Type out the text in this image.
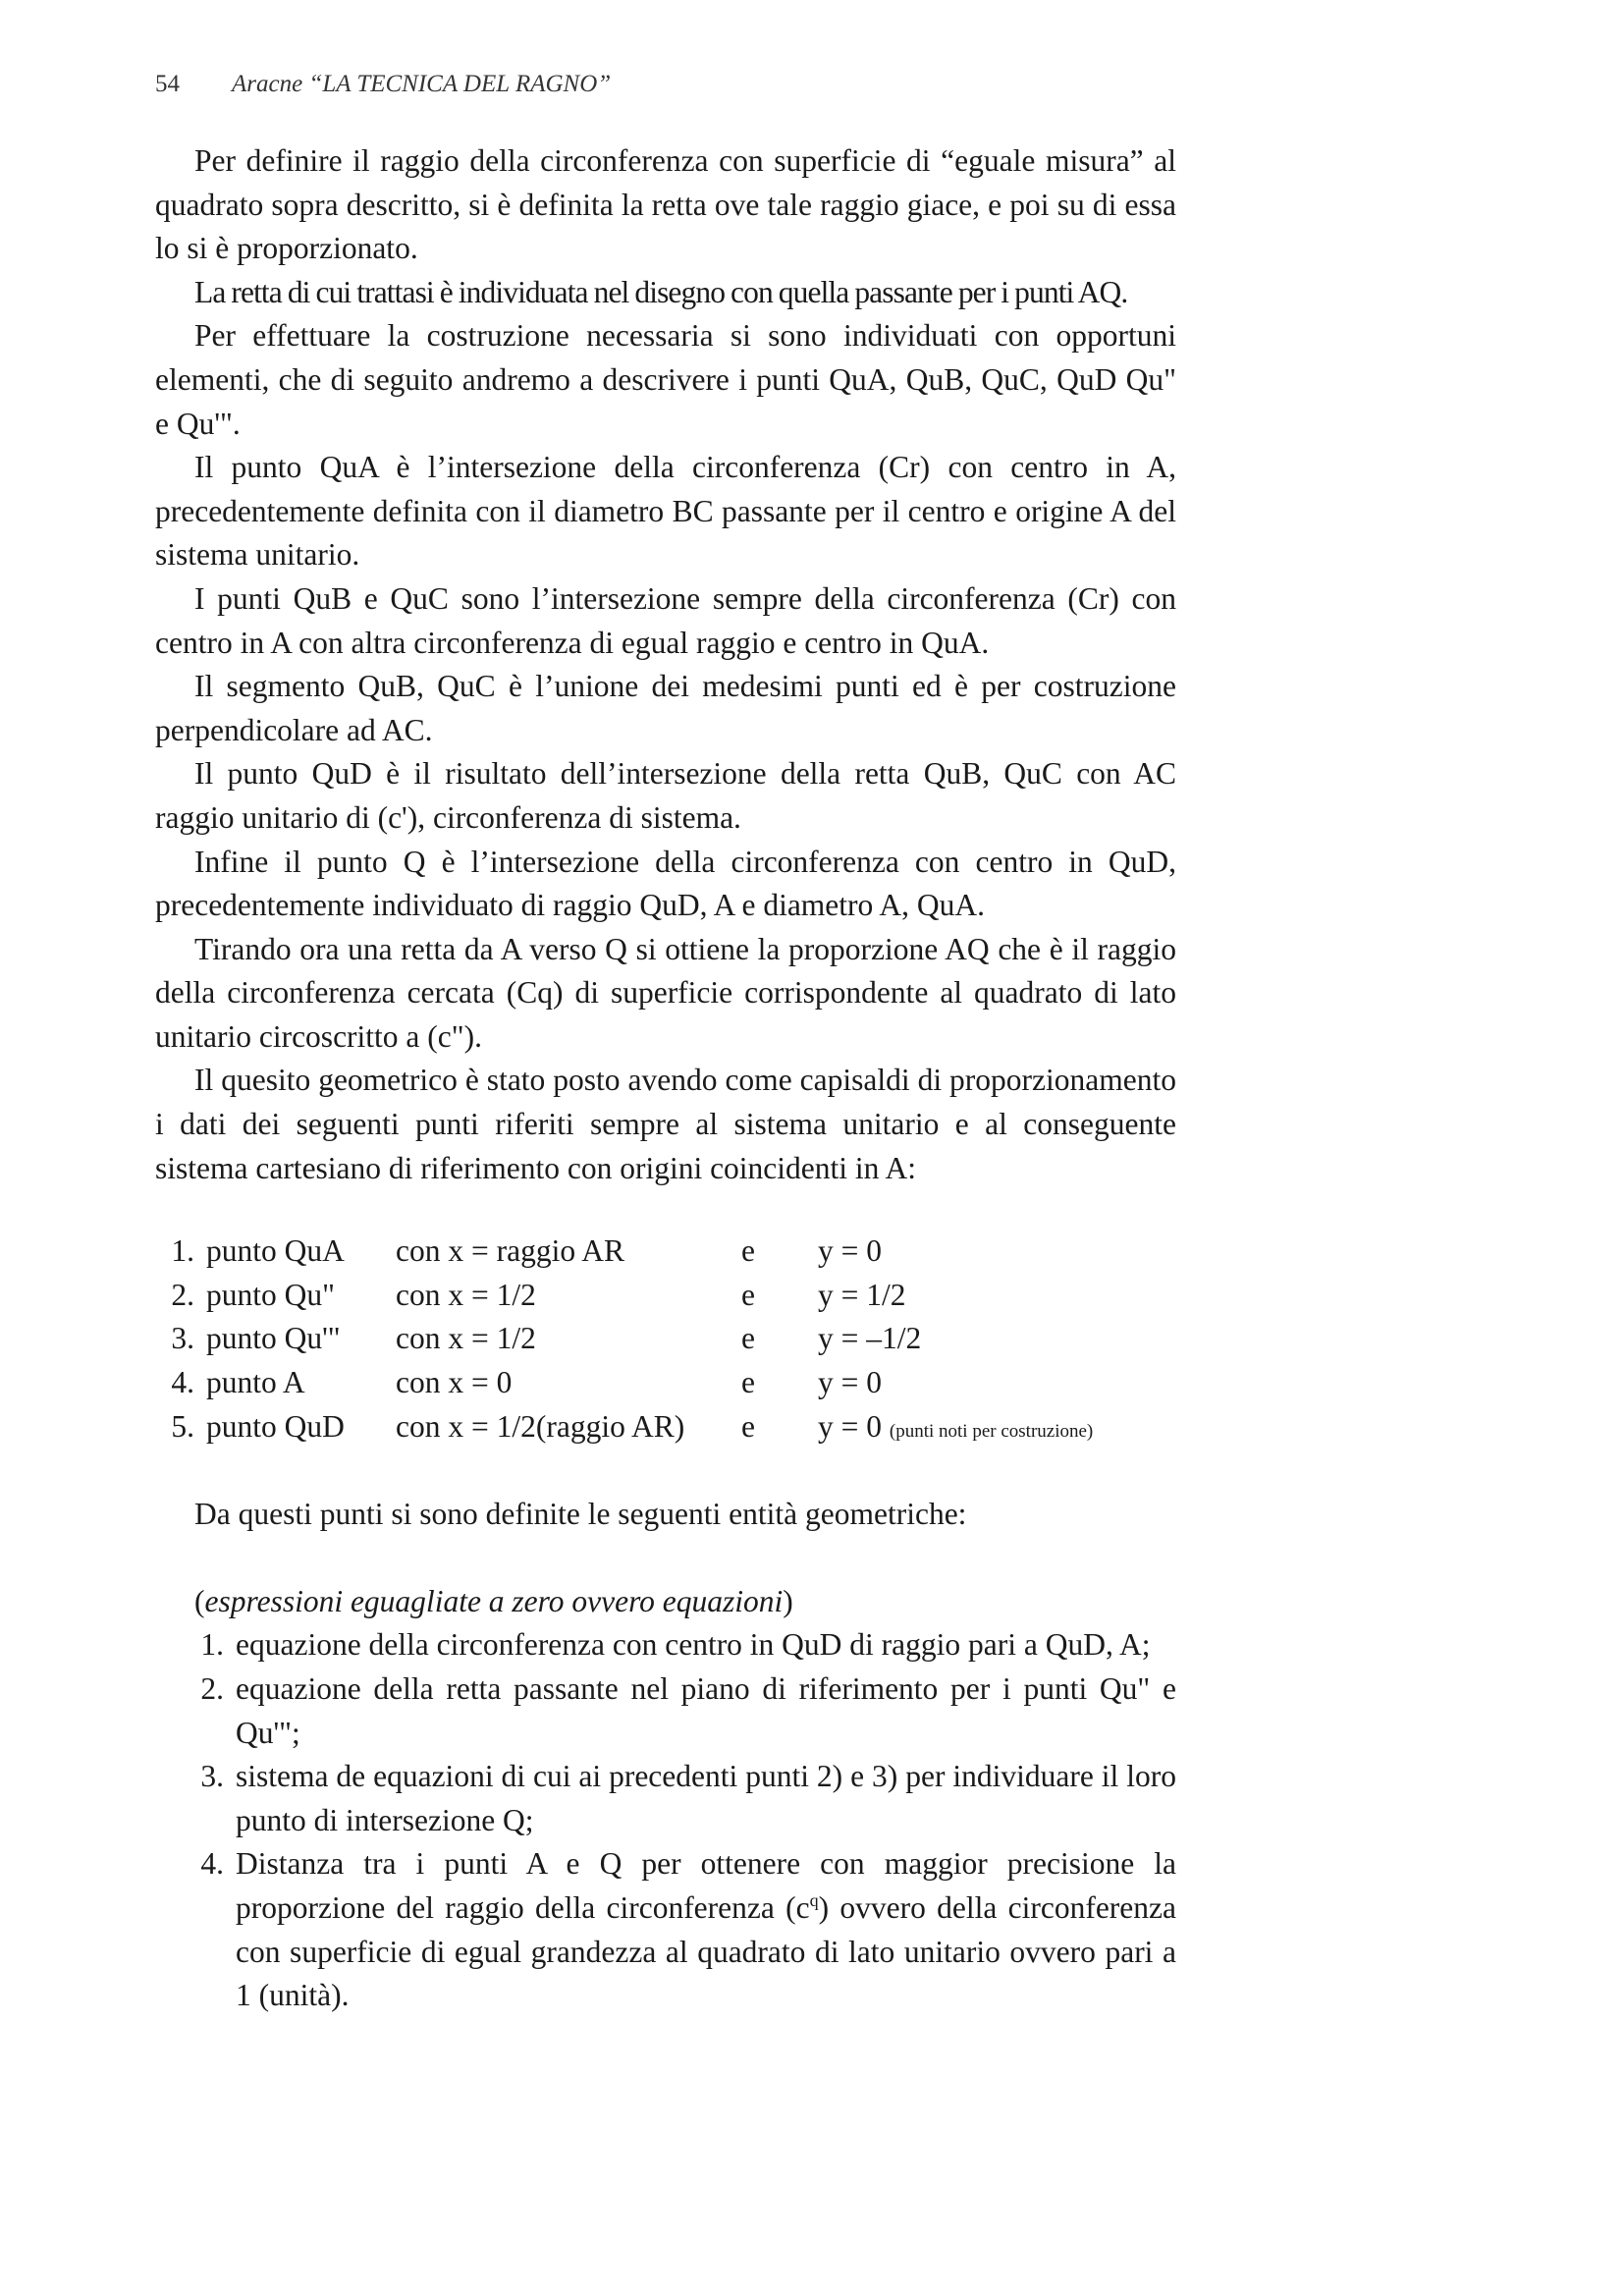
54 Aracne “LA TECNICA DEL RAGNO”

Per definire il raggio della circonferenza con superficie di “eguale misura” al quadrato sopra descritto, si è definita la retta ove tale raggio giace, e poi su di essa lo si è proporzionato.

La retta di cui trattasi è individuata nel disegno con quella passante per i punti AQ.

Per effettuare la costruzione necessaria si sono individuati con opportuni elementi, che di seguito andremo a descrivere i punti QuA, QuB, QuC, QuD Qu" e Qu'".

Il punto QuA è l’intersezione della circonferenza (Cr) con centro in A, precedentemente definita con il diametro BC passante per il centro e origine A del sistema unitario.

I punti QuB e QuC sono l’intersezione sempre della circonferenza (Cr) con centro in A con altra circonferenza di egual raggio e centro in QuA.

Il segmento QuB, QuC è l’unione dei medesimi punti ed è per costruzione perpendicolare ad AC.

Il punto QuD è il risultato dell’intersezione della retta QuB, QuC con AC raggio unitario di (c'), circonferenza di sistema.

Infine il punto Q è l’intersezione della circonferenza con centro in QuD, precedentemente individuato di raggio QuD, A e diametro A, QuA.

Tirando ora una retta da A verso Q si ottiene la proporzione AQ che è il raggio della circonferenza cercata (Cq) di superficie corrispondente al quadrato di lato unitario circoscritto a (c").

Il quesito geometrico è stato posto avendo come capisaldi di proporzionamento i dati dei seguenti punti riferiti sempre al sistema unitario e al conseguente sistema cartesiano di riferimento con origini coincidenti in A:

1. punto QuA	con x = raggio AR	e	y = 0
2. punto Qu"	con x = 1/2	e	y = 1/2
3. punto Qu'"	con x = 1/2	e	y = –1/2
4. punto A	con x = 0	e	y = 0
5. punto QuD	con x = 1/2(raggio AR)	e	y = 0 (punti noti per costruzione)

Da questi punti si sono definite le seguenti entità geometriche:

(espressioni eguagliate a zero ovvero equazioni)

1. equazione della circonferenza con centro in QuD di raggio pari a QuD, A;
2. equazione della retta passante nel piano di riferimento per i punti Qu" e Qu'";
3. sistema de equazioni di cui ai precedenti punti 2) e 3) per individuare il loro punto di intersezione Q;
4. Distanza tra i punti A e Q per ottenere con maggior precisione la proporzione del raggio della circonferenza $(c^q)$ ovvero della circonferenza con superficie di egual grandezza al quadrato di lato unitario ovvero pari a 1 (unità).
